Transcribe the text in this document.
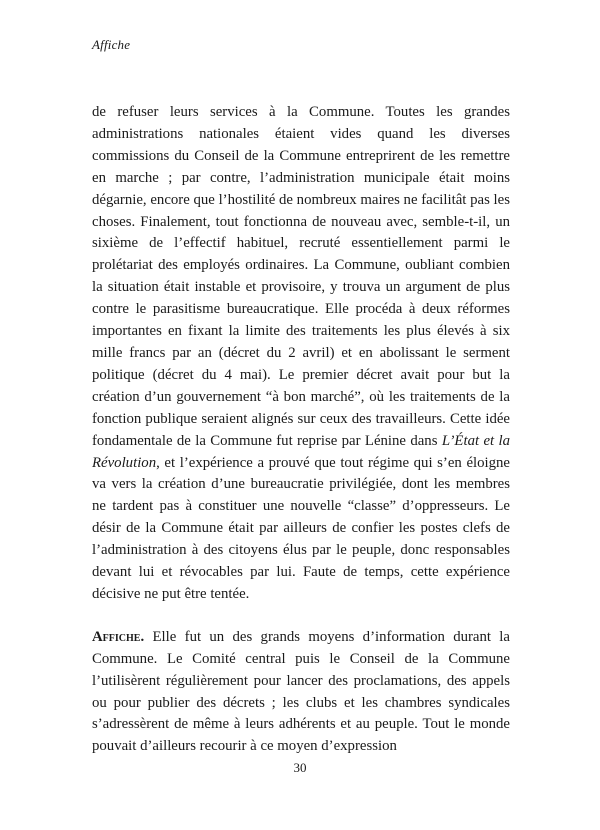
Affiche

de refuser leurs services à la Commune. Toutes les grandes administrations nationales étaient vides quand les diverses commissions du Conseil de la Commune entreprirent de les remettre en marche ; par contre, l’administration municipale était moins dégarnie, encore que l’hostilité de nombreux maires ne facilitât pas les choses. Finalement, tout fonctionna de nouveau avec, semble-t-il, un sixième de l’effectif habituel, recruté essentiellement parmi le prolétariat des employés ordinaires. La Commune, oubliant combien la situation était instable et provisoire, y trouva un argument de plus contre le parasitisme bureaucratique. Elle procéda à deux réformes importantes en fixant la limite des traitements les plus élevés à six mille francs par an (décret du 2 avril) et en abolissant le serment politique (décret du 4 mai). Le premier décret avait pour but la création d’un gouvernement “à bon marché”, où les traitements de la fonction publique seraient alignés sur ceux des travailleurs. Cette idée fondamentale de la Commune fut reprise par Lénine dans L’État et la Révolution, et l’expérience a prouvé que tout régime qui s’en éloigne va vers la création d’une bureaucratie privilégiée, dont les membres ne tardent pas à constituer une nouvelle “classe” d’oppresseurs. Le désir de la Commune était par ailleurs de confier les postes clefs de l’administration à des citoyens élus par le peuple, donc responsables devant lui et révocables par lui. Faute de temps, cette expérience décisive ne put être tentée.

Affiche. Elle fut un des grands moyens d’information durant la Commune. Le Comité central puis le Conseil de la Commune l’utilisèrent régulièrement pour lancer des proclamations, des appels ou pour publier des décrets ; les clubs et les chambres syndicales s’adressèrent de même à leurs adhérents et au peuple. Tout le monde pouvait d’ailleurs recourir à ce moyen d’expression

30
